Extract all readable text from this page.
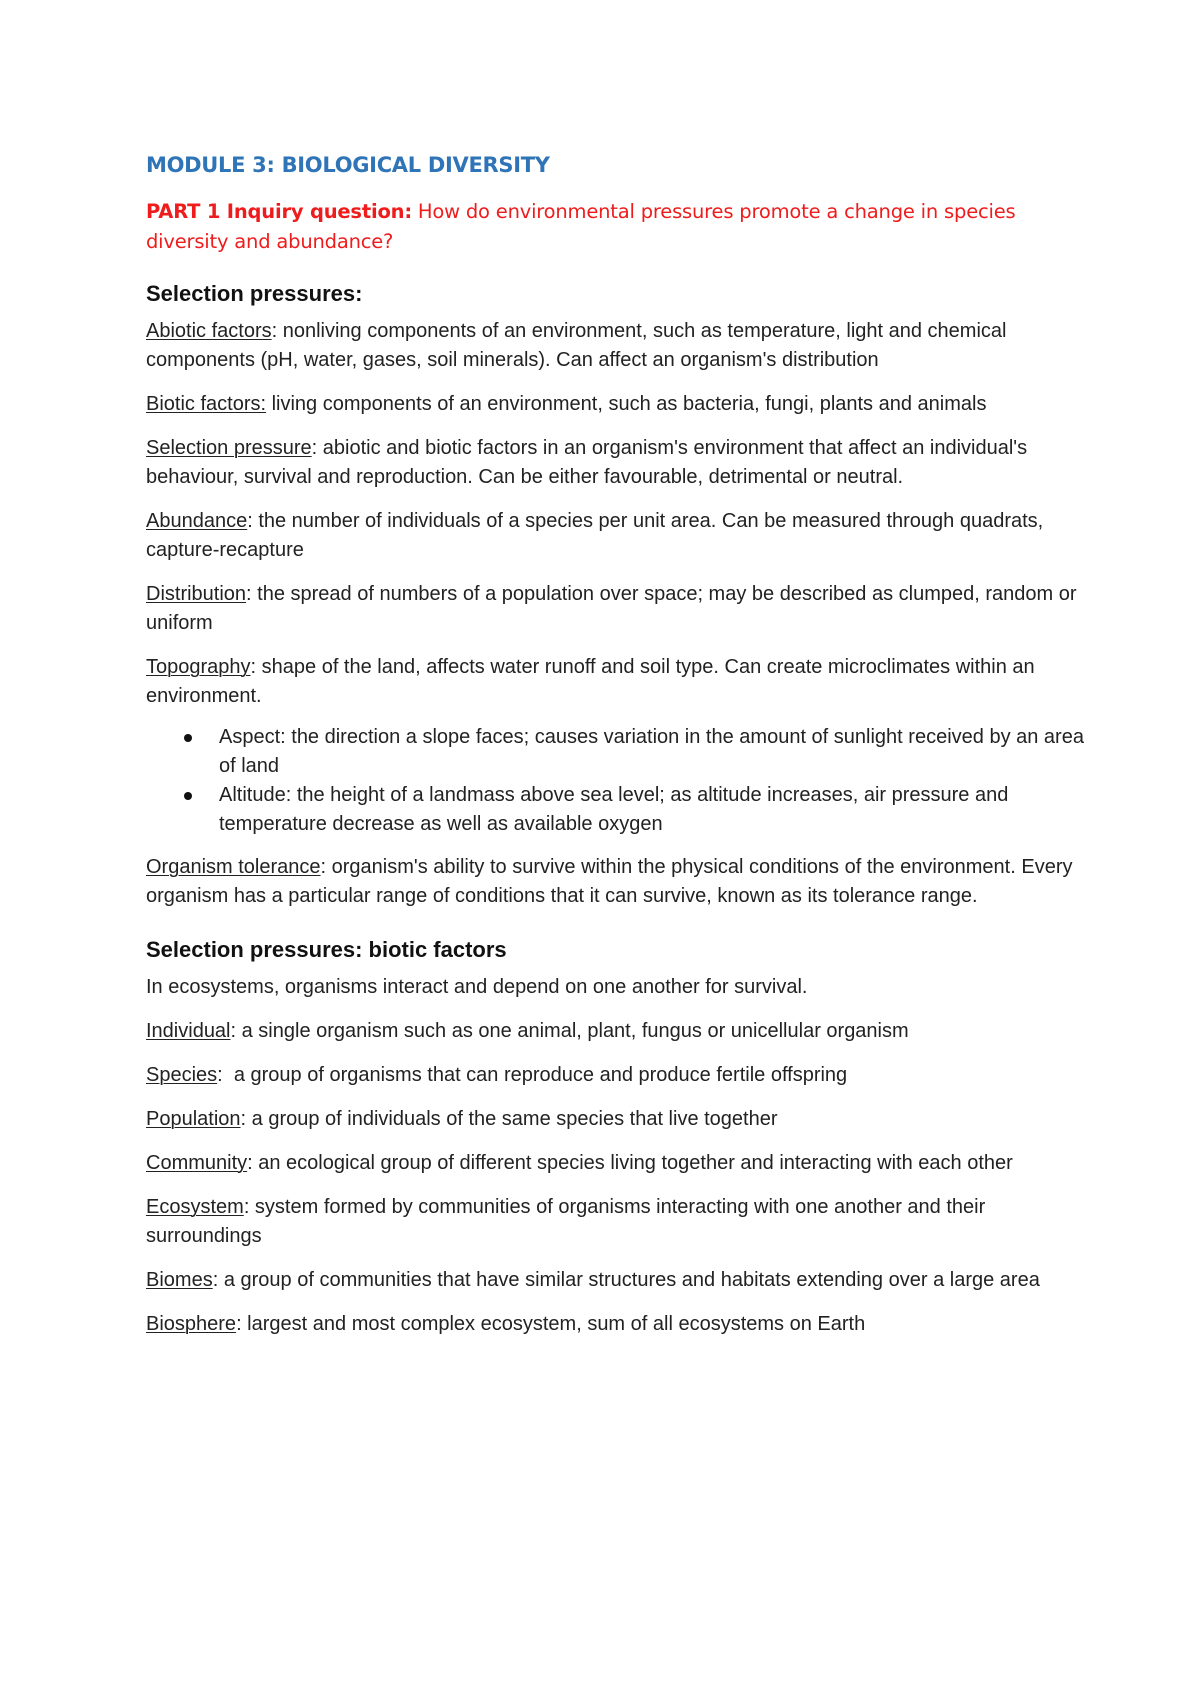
MODULE 3: BIOLOGICAL DIVERSITY

PART 1 Inquiry question: How do environmental pressures promote a change in species diversity and abundance?

Selection pressures:

Abiotic factors: nonliving components of an environment, such as temperature, light and chemical components (pH, water, gases, soil minerals). Can affect an organism's distribution

Biotic factors: living components of an environment, such as bacteria, fungi, plants and animals

Selection pressure: abiotic and biotic factors in an organism's environment that affect an individual's behaviour, survival and reproduction. Can be either favourable, detrimental or neutral.

Abundance: the number of individuals of a species per unit area. Can be measured through quadrats, capture-recapture

Distribution: the spread of numbers of a population over space; may be described as clumped, random or uniform

Topography: shape of the land, affects water runoff and soil type. Can create microclimates within an environment.

Aspect: the direction a slope faces; causes variation in the amount of sunlight received by an area of land
Altitude: the height of a landmass above sea level; as altitude increases, air pressure and temperature decrease as well as available oxygen

Organism tolerance: organism's ability to survive within the physical conditions of the environment. Every organism has a particular range of conditions that it can survive, known as its tolerance range.

Selection pressures: biotic factors

In ecosystems, organisms interact and depend on one another for survival.

Individual: a single organism such as one animal, plant, fungus or unicellular organism

Species:  a group of organisms that can reproduce and produce fertile offspring

Population: a group of individuals of the same species that live together

Community: an ecological group of different species living together and interacting with each other

Ecosystem: system formed by communities of organisms interacting with one another and their surroundings

Biomes: a group of communities that have similar structures and habitats extending over a large area

Biosphere: largest and most complex ecosystem, sum of all ecosystems on Earth
